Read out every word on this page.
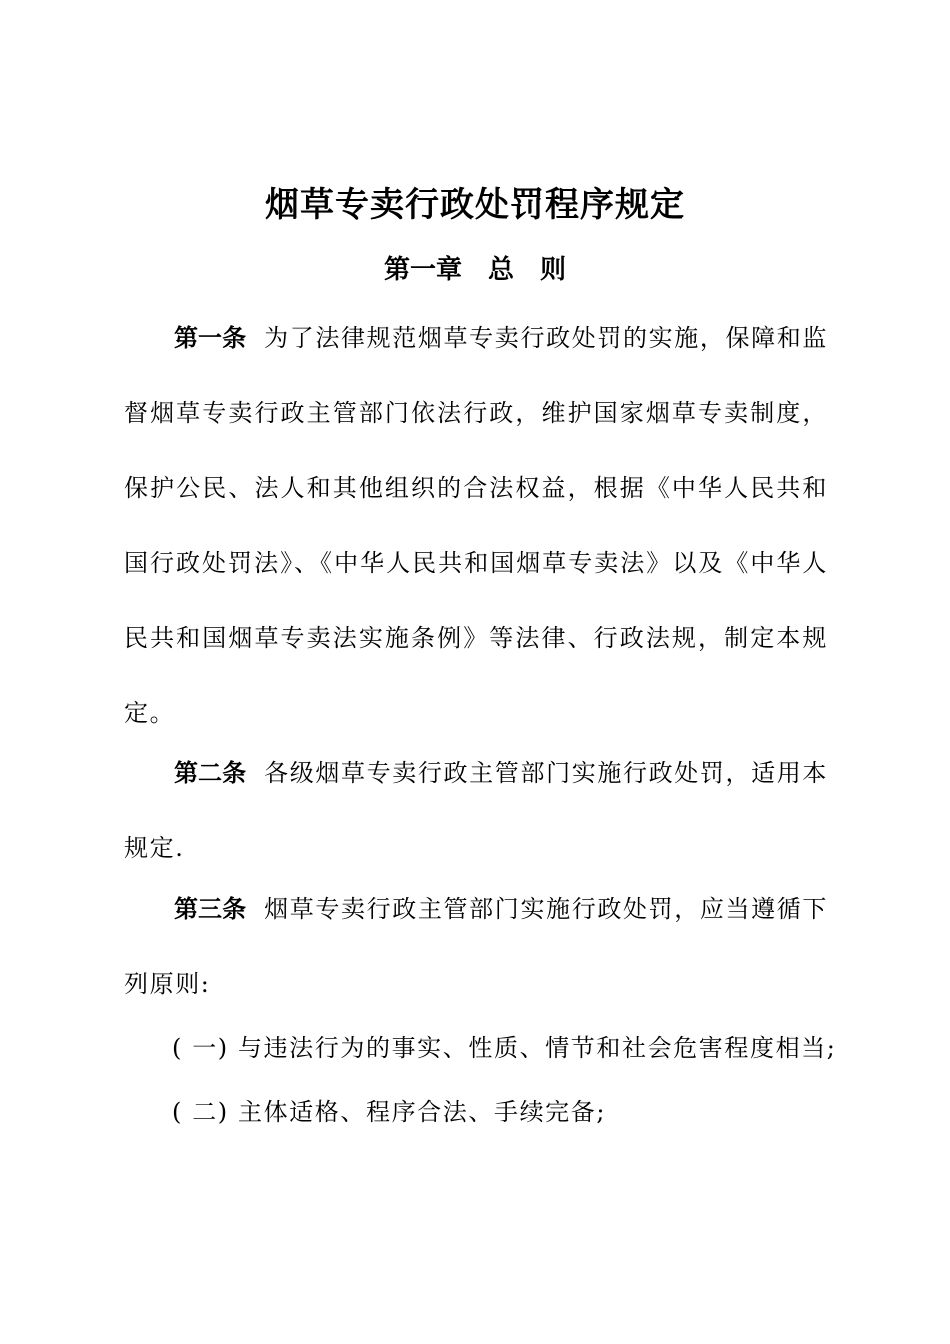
烟草专卖行政处罚程序规定
第一章　总　则
第一条 为了法律规范烟草专卖行政处罚的实施，保障和监督烟草专卖行政主管部门依法行政，维护国家烟草专卖制度，保护公民、法人和其他组织的合法权益，根据《中华人民共和国行政处罚法》、《中华人民共和国烟草专卖法》以及《中华人民共和国烟草专卖法实施条例》等法律、行政法规，制定本规定。
第二条 各级烟草专卖行政主管部门实施行政处罚，适用本规定.
第三条 烟草专卖行政主管部门实施行政处罚，应当遵循下列原则:
( 一) 与违法行为的事实、性质、情节和社会危害程度相当;
( 二) 主体适格、程序合法、手续完备;
